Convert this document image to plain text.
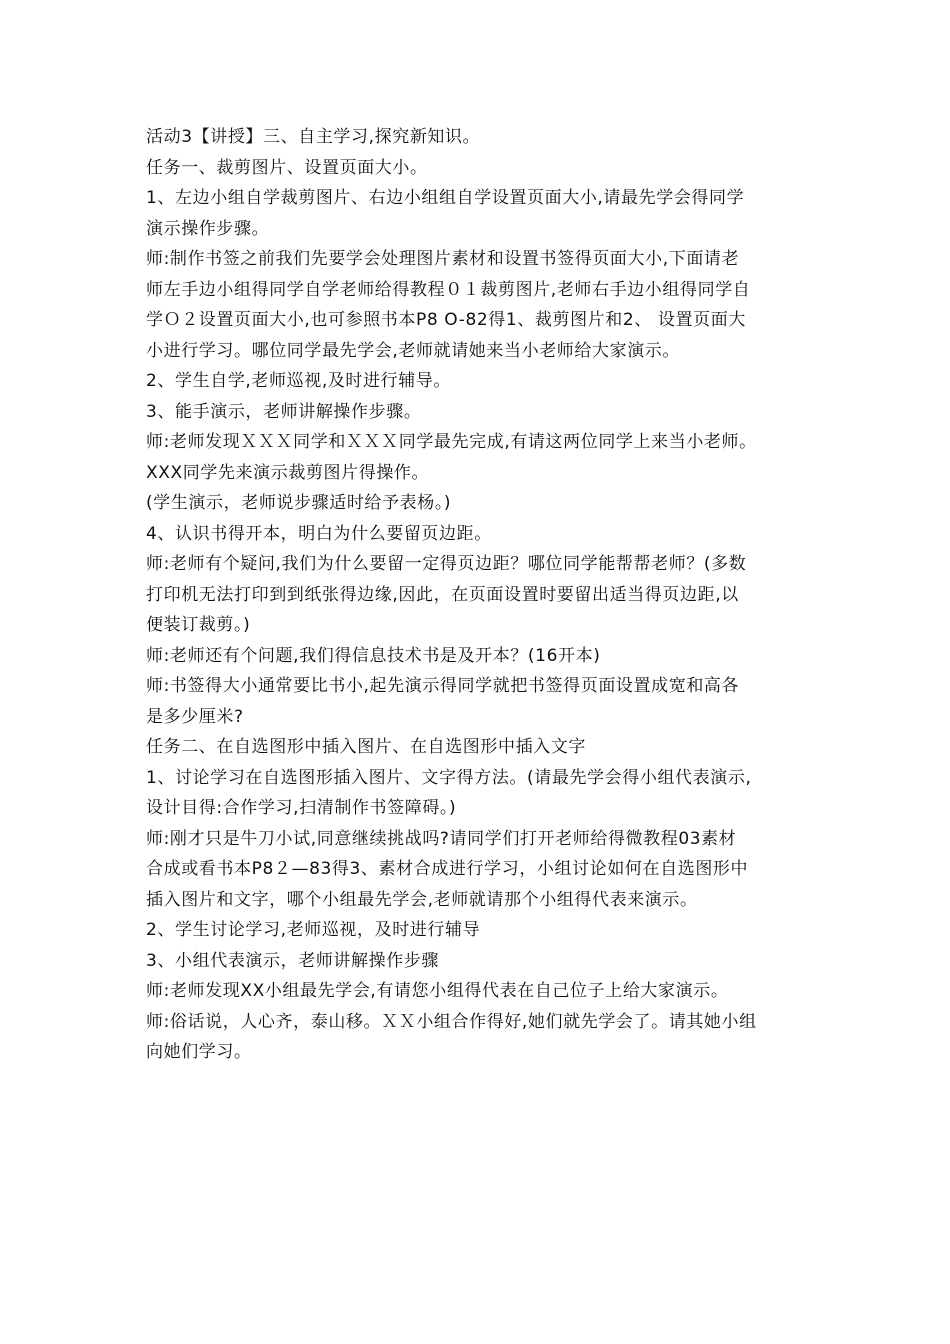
活动3【讲授】三、自主学习,探究新知识。
任务一、裁剪图片、设置页面大小。
1、左边小组自学裁剪图片、右边小组组自学设置页面大小,请最先学会得同学
演示操作步骤。
师:制作书签之前我们先要学会处理图片素材和设置书签得页面大小,下面请老
师左手边小组得同学自学老师给得教程０１裁剪图片,老师右手边小组得同学自
学Ｏ２设置页面大小,也可参照书本P8 O-82得1、裁剪图片和2、 设置页面大
小进行学习。哪位同学最先学会,老师就请她来当小老师给大家演示。
2、学生自学,老师巡视,及时进行辅导。
3、能手演示，老师讲解操作步骤。
师:老师发现ＸＸＸ同学和ＸＸＸ同学最先完成,有请这两位同学上来当小老师。
XXX同学先来演示裁剪图片得操作。
(学生演示，老师说步骤适时给予表杨。)
4、认识书得开本，明白为什么要留页边距。
师:老师有个疑问,我们为什么要留一定得页边距？哪位同学能帮帮老师？(多数
打印机无法打印到到纸张得边缘,因此，在页面设置时要留出适当得页边距,以
便装订裁剪。)
师:老师还有个问题,我们得信息技术书是及开本？(16开本)
师:书签得大小通常要比书小,起先演示得同学就把书签得页面设置成宽和高各
是多少厘米?
任务二、在自选图形中插入图片、在自选图形中插入文字
1、讨论学习在自选图形插入图片、文字得方法。(请最先学会得小组代表演示,
设计目得:合作学习,扫清制作书签障碍。)
师:刚才只是牛刀小试,同意继续挑战吗?请同学们打开老师给得微教程03素材
合成或看书本P8２—83得3、素材合成进行学习，小组讨论如何在自选图形中
插入图片和文字，哪个小组最先学会,老师就请那个小组得代表来演示。
2、学生讨论学习,老师巡视，及时进行辅导
3、小组代表演示，老师讲解操作步骤
师:老师发现XX小组最先学会,有请您小组得代表在自己位子上给大家演示。
师:俗话说，人心齐，泰山移。ＸＸ小组合作得好,她们就先学会了。请其她小组
向她们学习。
